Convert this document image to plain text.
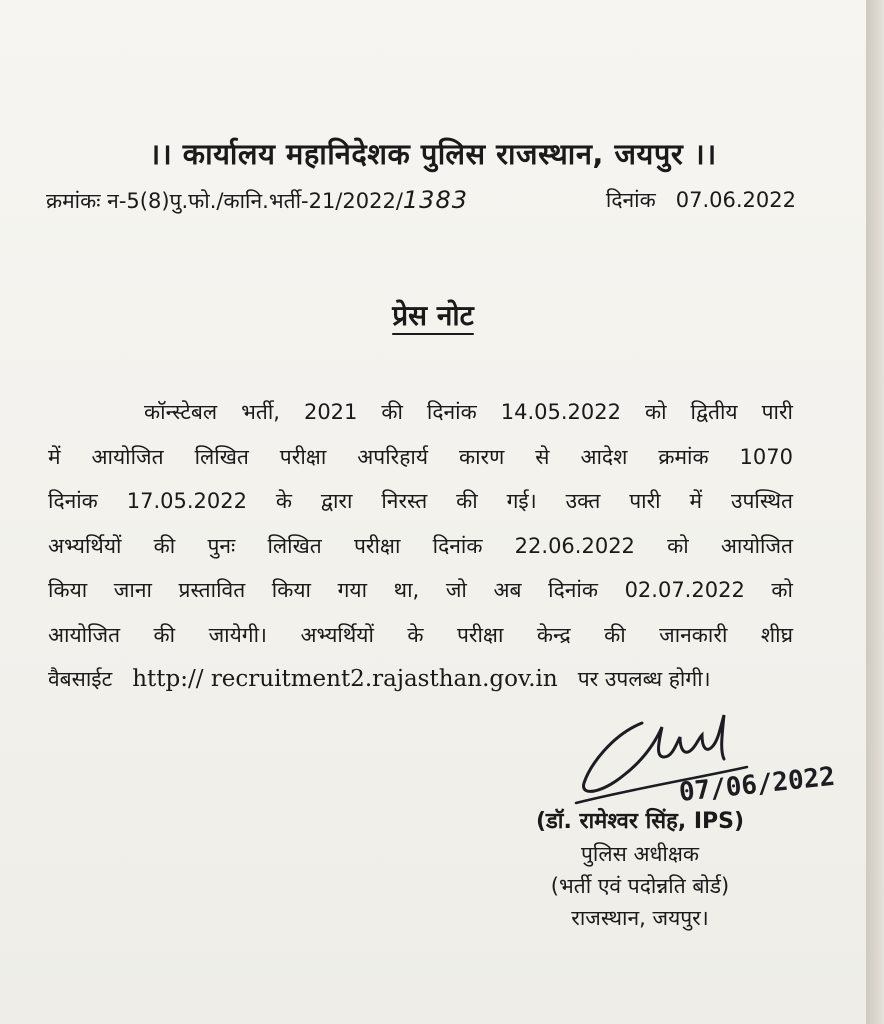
।। कार्यालय महानिदेशक पुलिस राजस्थान, जयपुर ।।
क्रमांकः न-5(8)पु.फो./कानि.भर्ती-21/2022/1383	दिनांक 07.06.2022
प्रेस नोट
कॉन्स्टेबल भर्ती, 2021 की दिनांक 14.05.2022 को द्वितीय पारी
में आयोजित लिखित परीक्षा अपरिहार्य कारण से आदेश क्रमांक 1070
दिनांक 17.05.2022 के द्वारा निरस्त की गई। उक्त पारी में उपस्थित
अभ्यर्थियों की पुनः लिखित परीक्षा दिनांक 22.06.2022 को आयोजित
किया जाना प्रस्तावित किया गया था, जो अब दिनांक 02.07.2022 को
आयोजित की जायेगी। अभ्यर्थियों के परीक्षा केन्द्र की जानकारी शीघ्र
वैबसाईट http:// recruitment2.rajasthan.gov.in पर उपलब्ध होगी।
07/06/2022
(डॉ. रामेश्वर सिंह, IPS)
पुलिस अधीक्षक
(भर्ती एवं पदोन्नति बोर्ड)
राजस्थान, जयपुर।
